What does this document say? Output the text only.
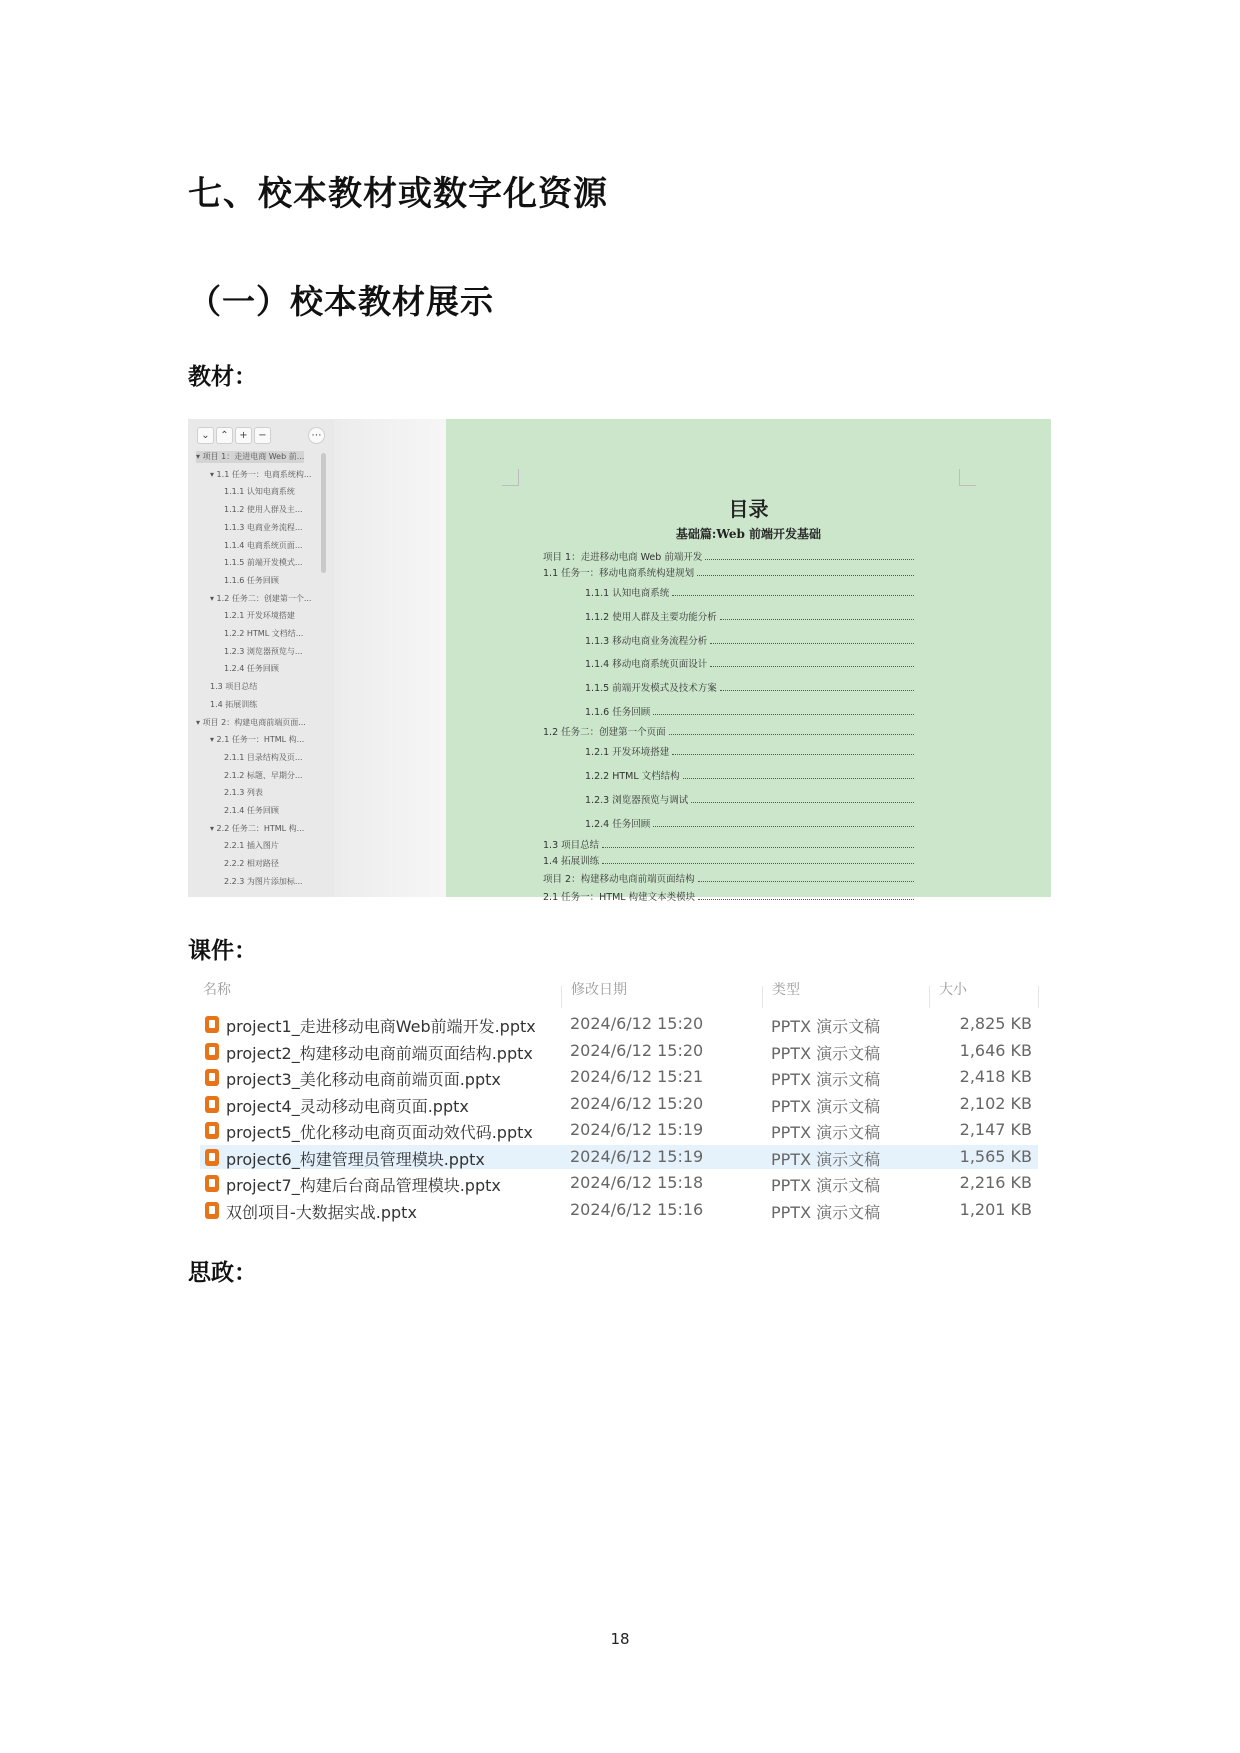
七、校本教材或数字化资源
（一）校本教材展示
教材：
⌄	⌃	+	−	⋯
▾ 项目 1：走进电商 Web 前...
▾ 1.1 任务一：电商系统构...
1.1.1 认知电商系统
1.1.2 使用人群及主...
1.1.3 电商业务流程...
1.1.4 电商系统页面...
1.1.5 前端开发模式...
1.1.6 任务回顾
▾ 1.2 任务二：创建第一个...
1.2.1 开发环境搭建
1.2.2 HTML 文档结...
1.2.3 浏览器预览与...
1.2.4 任务回顾
1.3 项目总结
1.4 拓展训练
▾ 项目 2：构建电商前端页面...
▾ 2.1 任务一：HTML 构...
2.1.1 目录结构及页...
2.1.2 标题、早期分...
2.1.3 列表
2.1.4 任务回顾
▾ 2.2 任务二：HTML 构...
2.2.1 插入图片
2.2.2 相对路径
2.2.3 为图片添加标...
目录
基础篇:Web 前端开发基础
项目 1：走进移动电商 Web 前端开发
1.1 任务一：移动电商系统构建规划
1.1.1 认知电商系统
1.1.2 使用人群及主要功能分析
1.1.3 移动电商业务流程分析
1.1.4 移动电商系统页面设计
1.1.5 前端开发模式及技术方案
1.1.6 任务回顾
1.2 任务二：创建第一个页面
1.2.1 开发环境搭建
1.2.2 HTML 文档结构
1.2.3 浏览器预览与调试
1.2.4 任务回顾
1.3 项目总结
1.4 拓展训练
项目 2：构建移动电商前端页面结构
2.1 任务一：HTML 构建文本类模块
课件：
名称	修改日期	类型	大小
project1_走进移动电商Web前端开发.pptx 2024/6/12 15:20	PPTX 演示文稿	2,825 KB
project2_构建移动电商前端页面结构.pptx 2024/6/12 15:20	PPTX 演示文稿	1,646 KB
project3_美化移动电商前端页面.pptx	2024/6/12 15:21	PPTX 演示文稿	2,418 KB
project4_灵动移动电商页面.pptx	2024/6/12 15:20	PPTX 演示文稿	2,102 KB
project5_优化移动电商页面动效代码.pptx 2024/6/12 15:19	PPTX 演示文稿	2,147 KB
project6_构建管理员管理模块.pptx	2024/6/12 15:19	PPTX 演示文稿	1,565 KB
project7_构建后台商品管理模块.pptx	2024/6/12 15:18	PPTX 演示文稿	2,216 KB
双创项目-大数据实战.pptx	2024/6/12 15:16	PPTX 演示文稿	1,201 KB
思政：
18
